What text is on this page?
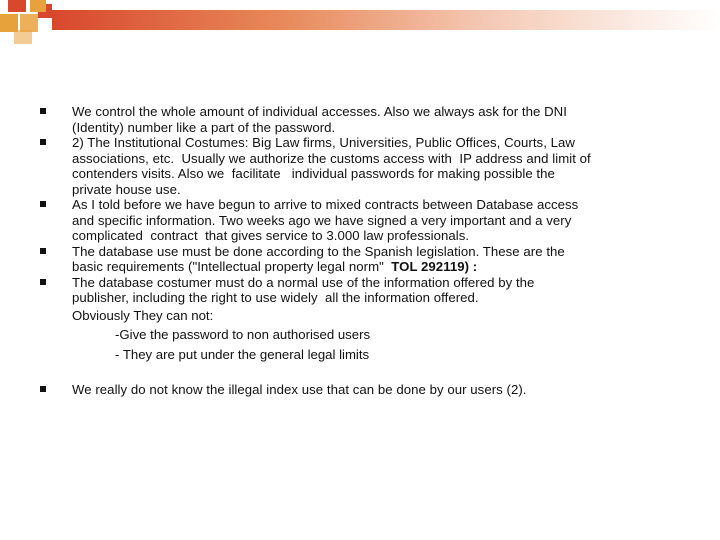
We control the whole amount of individual accesses. Also we always ask for the DNI
(Identity) number like a part of the password.
2) The Institutional Costumes: Big Law firms, Universities, Public Offices, Courts, Law
associations, etc.  Usually we authorize the customs access with  IP address and limit of
contenders visits. Also we  facilitate   individual passwords for making possible the
private house use.
As I told before we have begun to arrive to mixed contracts between Database access
and specific information. Two weeks ago we have signed a very important and a very
complicated  contract  that gives service to 3.000 law professionals.
The database use must be done according to the Spanish legislation. These are the
basic requirements ("Intellectual property legal norm"  TOL 292119) :
The database costumer must do a normal use of the information offered by the
publisher, including the right to use widely  all the information offered.
Obviously They can not:
-Give the password to non authorised users
- They are put under the general legal limits
We really do not know the illegal index use that can be done by our users (2).
